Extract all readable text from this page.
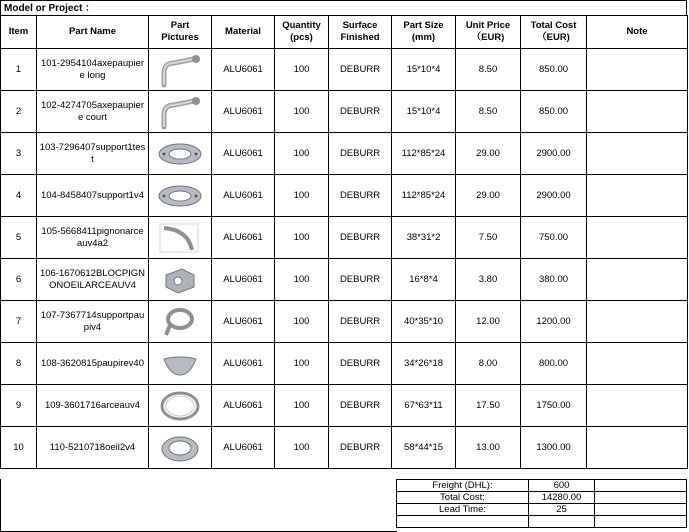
Model or Project ：
Item	Part Name	Part Pictures	Material	Quantity (pcs)	Surface Finished	Part Size (mm)	Unit Price （EUR)	Total Cost （EUR)	Note
1	101-2954104axepaupiere long		ALU6061	100	DEBURR	15*10*4	8.50	850.00	
2	102-4274705axepaupiere court		ALU6061	100	DEBURR	15*10*4	8.50	850.00	
3	103-7296407support1test		ALU6061	100	DEBURR	112*85*24	29.00	2900.00	
4	104-8458407support1v4		ALU6061	100	DEBURR	112*85*24	29.00	2900.00	
5	105-5668411pignonarceauv4a2		ALU6061	100	DEBURR	38*31*2	7.50	750.00	
6	106-1670612BLOCPIGNONOEILARCEAUV4		ALU6061	100	DEBURR	16*8*4	3.80	380.00	
7	107-7367714supportpaupiv4		ALU6061	100	DEBURR	40*35*10	12.00	1200.00	
8	108-3620815paupirev40		ALU6061	100	DEBURR	34*26*18	8.00	800.00	
9	109-3601716arceauv4		ALU6061	100	DEBURR	67*63*11	17.50	1750.00	
10	110-5210718oeil2v4		ALU6061	100	DEBURR	58*44*15	13.00	1300.00	
Freight (DHL):	600	
Total Cost:	14280.00	
Lead Time:	25	
